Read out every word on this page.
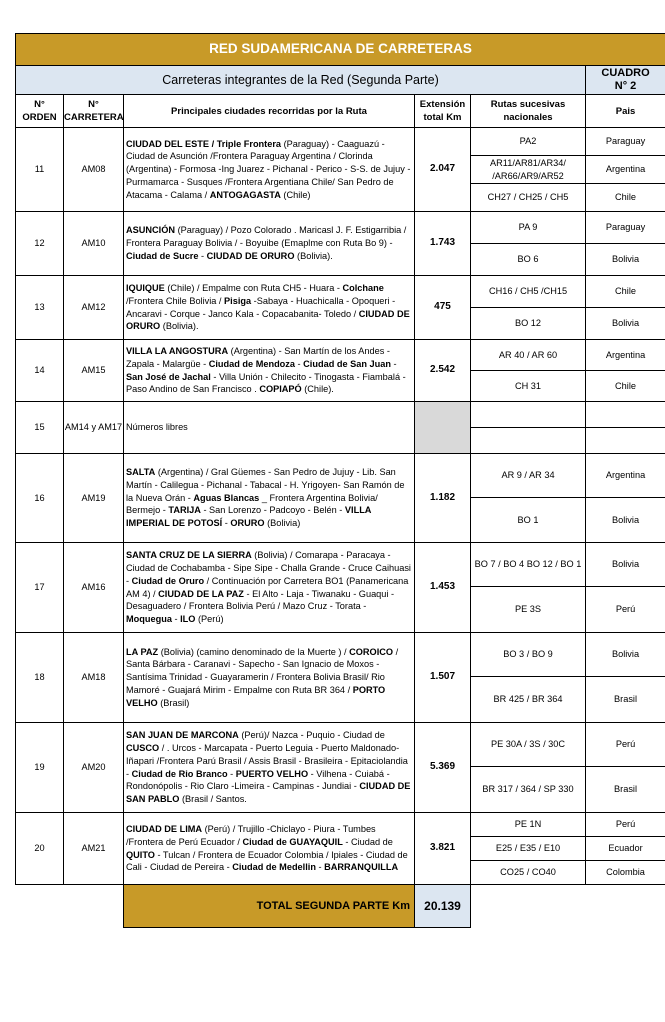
RED SUDAMERICANA DE CARRETERAS					
Carreteras integrantes de la Red (Segunda Parte)					CUADRO
N° 2
N°
ORDEN	N°
CARRETERA	Principales ciudades recorridas por la Ruta	Extensión
total Km	Rutas sucesivas
nacionales	Pais
11	AM08	CIUDAD DEL ESTE / Triple Frontera (Paraguay) - Caaguazú - Ciudad de Asunción /Frontera Paraguay Argentina / Clorinda (Argentina) - Formosa -Ing Juarez - Pichanal - Perico - S-S. de Jujuy - Purmamarca - Susques /Frontera Argentiana Chile/ San Pedro de Atacama - Calama / ANTOGAGASTA (Chile)	2.047	PA2	Paraguay
				AR11/AR81/AR34/ /AR66/AR9/AR52	Argentina
				CH27 / CH25 / CH5	Chile
12	AM10	ASUNCIÓN (Paraguay) / Pozo Colorado . Maricasl J. F. Estigarribia / Frontera Paraguay Bolivia / - Boyuibe (Emaplme con Ruta Bo 9) - Ciudad de Sucre - CIUDAD DE ORURO (Bolivia).	1.743	PA 9	Paraguay
				BO 6	Bolivia
13	AM12	IQUIQUE (Chile) / Empalme con Ruta CH5 - Huara - Colchane /Frontera Chile Bolivia / Pisiga -Sabaya - Huachicalla - Opoqueri - Ancaravi - Corque - Janco Kala - Copacabanita- Toledo / CIUDAD DE ORURO (Bolivia).	475	CH16 / CH5 /CH15	Chile
				BO 12	Bolivia
14	AM15	VILLA LA ANGOSTURA (Argentina) - San Martín de los Andes - Zapala - Malargüe - Ciudad de Mendoza - Ciudad de San Juan - San José de Jachal - Villa Unión - Chilecito - Tinogasta - Fiambalá - Paso Andino de San Francisco . COPIAPÓ (Chile).	2.542	AR 40 / AR 60	Argentina
				CH 31	Chile
15	AM14 y AM17	Números libres			

16	AM19	SALTA (Argentina) / Gral Güemes - San Pedro de Jujuy - Lib. San Martín - Calilegua - Pichanal - Tabacal - H. Yrigoyen- San Ramón de la Nueva Orán - Aguas Blancas _ Frontera Argentina Bolivia/ Bermejo - TARIJA - San Lorenzo - Padcoyo - Belén - VILLA IMPERIAL DE POTOSÍ - ORURO (Bolivia)	1.182	AR 9 / AR 34	Argentina
				BO 1	Bolivia
17	AM16	SANTA CRUZ DE LA SIERRA (Bolivia) / Comarapa - Paracaya - Ciudad de Cochabamba - Sipe Sipe - Challa Grande - Cruce Caihuasi - Ciudad de Oruro / Continuación por Carretera BO1 (Panamericana AM 4) / CIUDAD DE LA PAZ - El Alto - Laja - Tiwanaku - Guaqui - Desaguadero / Frontera Bolivia Perú / Mazo Cruz - Torata - Moquegua - ILO (Perú)	1.453	BO 7 / BO 4 BO 12 / BO 1	Bolivia
				PE 3S	Perú
18	AM18	LA PAZ (Bolivia) (camino denominado de la Muerte ) / COROICO / Santa Bárbara - Caranavi - Sapecho - San Ignacio de Moxos - Santísima Trinidad - Guayaramerin / Frontera Bolivia Brasil/ Rio Mamoré - Guajará Mirim - Empalme con Ruta BR 364 / PORTO VELHO (Brasil)	1.507	BO 3 / BO 9	Bolivia
				BR 425 / BR 364	Brasil
19	AM20	SAN JUAN DE MARCONA (Perú)/ Nazca - Puquio - Ciudad de CUSCO / . Urcos - Marcapata - Puerto Leguia - Puerto Maldonado- Iñapari /Frontera Parú Brasil / Assis Brasil - Brasileira - Epitaciolandia - Ciudad de Rio Branco - PUERTO VELHO - Vilhena - Cuiabá - Rondonópolis - Rio Claro -Limeira - Campinas - Jundiai - CIUDAD DE SAN PABLO (Brasil / Santos.	5.369	PE 30A / 3S / 30C	Perú
				BR 317 / 364 / SP 330	Brasil
20	AM21	CIUDAD DE LIMA (Perú) / Trujillo -Chiclayo - Piura - Tumbes /Frontera de Perú Ecuador / Ciudad de GUAYAQUIL - Ciudad de QUITO - Tulcan / Frontera de Ecuador Colombia / Ipiales - Ciudad de Cali - Ciudad de Pereira - Ciudad de Medellin - BARRANQUILLA	3.821	PE 1N	Perú
				E25 / E35 / E10	Ecuador
				CO25 / CO40	Colombia
TOTAL SEGUNDA PARTE Km	20.139
